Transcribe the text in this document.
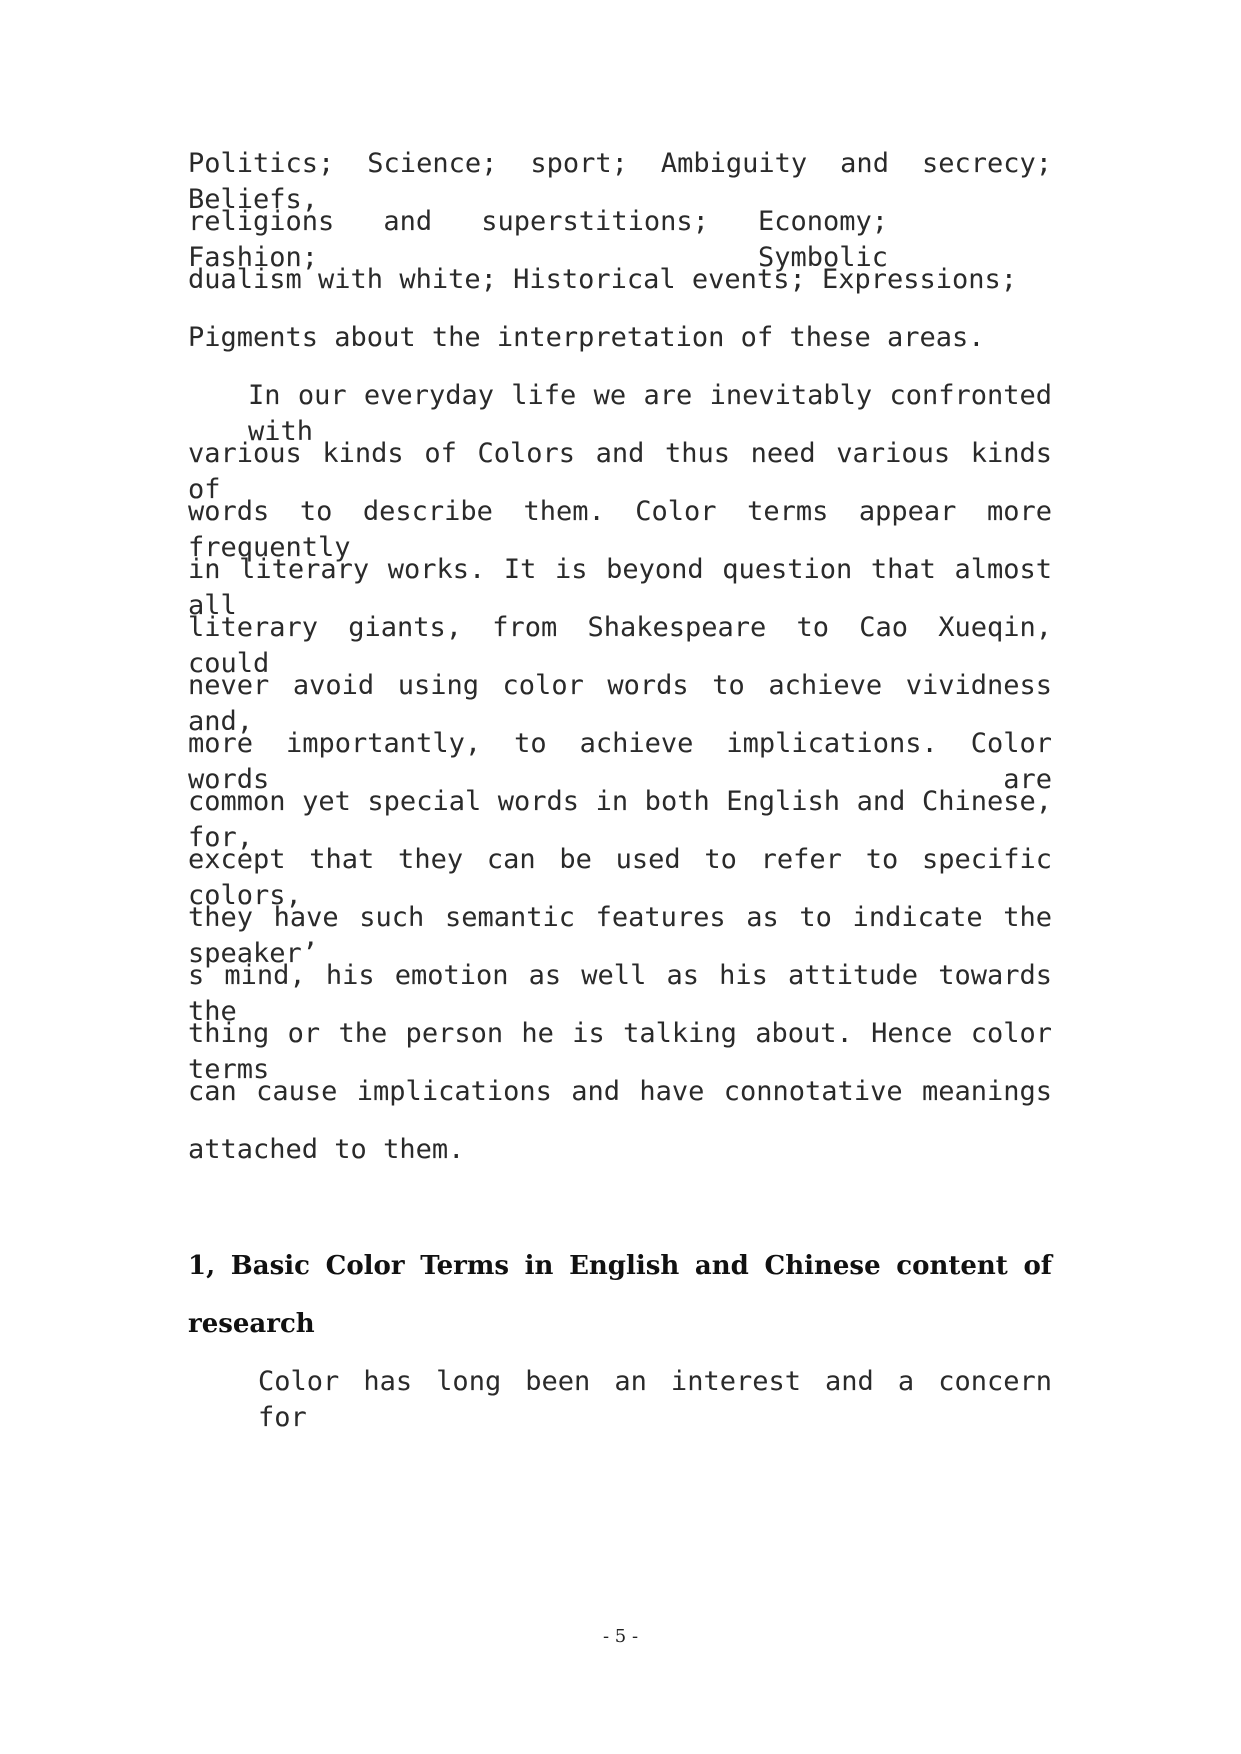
Politics; Science; sport; Ambiguity and secrecy; Beliefs,
religions and superstitions; Economy; Fashion; Symbolic
dualism with white; Historical events; Expressions;
Pigments about the interpretation of these areas.
In our everyday life we are inevitably confronted with
various kinds of Colors and thus need various kinds of
words to describe them. Color terms appear more frequently
in literary works. It is beyond question that almost all
literary giants, from Shakespeare to Cao Xueqin, could
never avoid using color words to achieve vividness and,
more importantly, to achieve implications. Color words are
common yet special words in both English and Chinese, for,
except that they can be used to refer to specific colors,
they have such semantic features as to indicate the speaker’
s mind, his emotion as well as his attitude towards the
thing or the person he is talking about. Hence color terms
can cause implications and have connotative meanings
attached to them.
1, Basic Color Terms in English and Chinese content of
research
Color has long been an interest and a concern for
- 5 -
